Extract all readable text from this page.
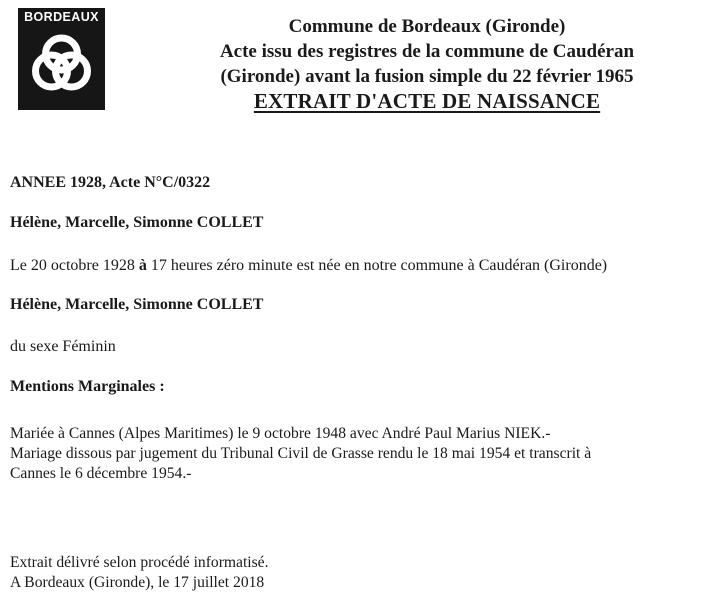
BORDEAUX	Commune de Bordeaux (Gironde)
Acte issu des registres de la commune de Caudéran
(Gironde) avant la fusion simple du 22 février 1965
EXTRAIT D'ACTE DE NAISSANCE
ANNEE 1928, Acte N°C/0322
Hélène, Marcelle, Simonne COLLET
Le 20 octobre 1928 à 17 heures zéro minute est née en notre commune à Caudéran (Gironde)
Hélène, Marcelle, Simonne COLLET
du sexe Féminin
Mentions Marginales :
Mariée à Cannes (Alpes Maritimes) le 9 octobre 1948 avec André Paul Marius NIEK.-
Mariage dissous par jugement du Tribunal Civil de Grasse rendu le 18 mai 1954 et transcrit à
Cannes le 6 décembre 1954.-
Extrait délivré selon procédé informatisé.
A Bordeaux (Gironde), le 17 juillet 2018
